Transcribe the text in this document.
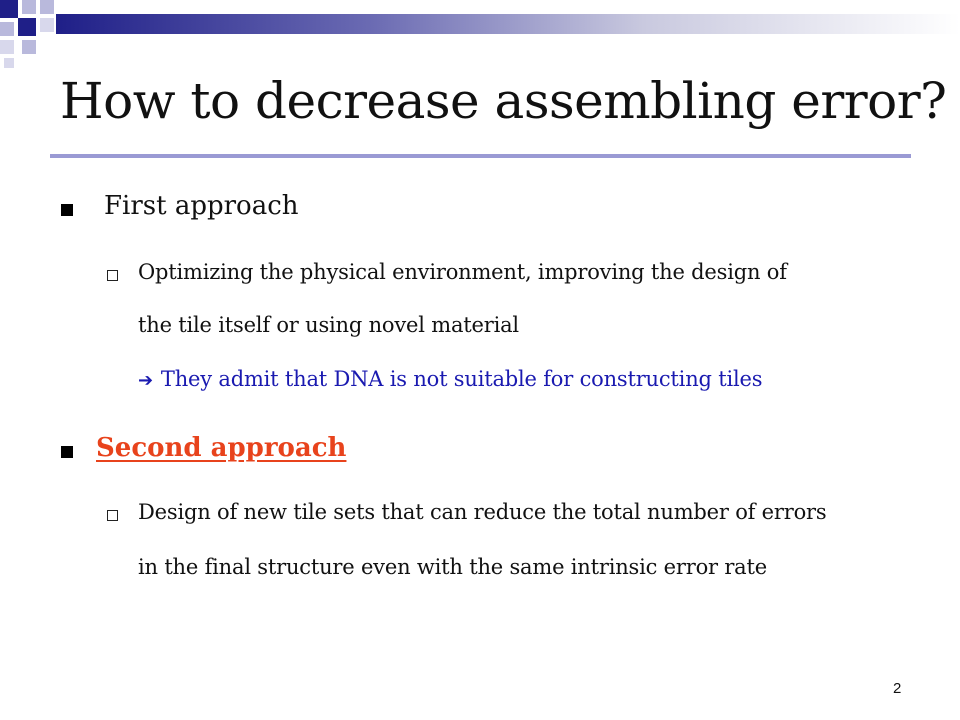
How to decrease assembling error?
First approach
Optimizing the physical environment, improving the design of
the tile itself or using novel material
➔ They admit that DNA is not suitable for constructing tiles
Second approach
Design of new tile sets that can reduce the total number of errors
in the final structure even with the same intrinsic error rate
2
